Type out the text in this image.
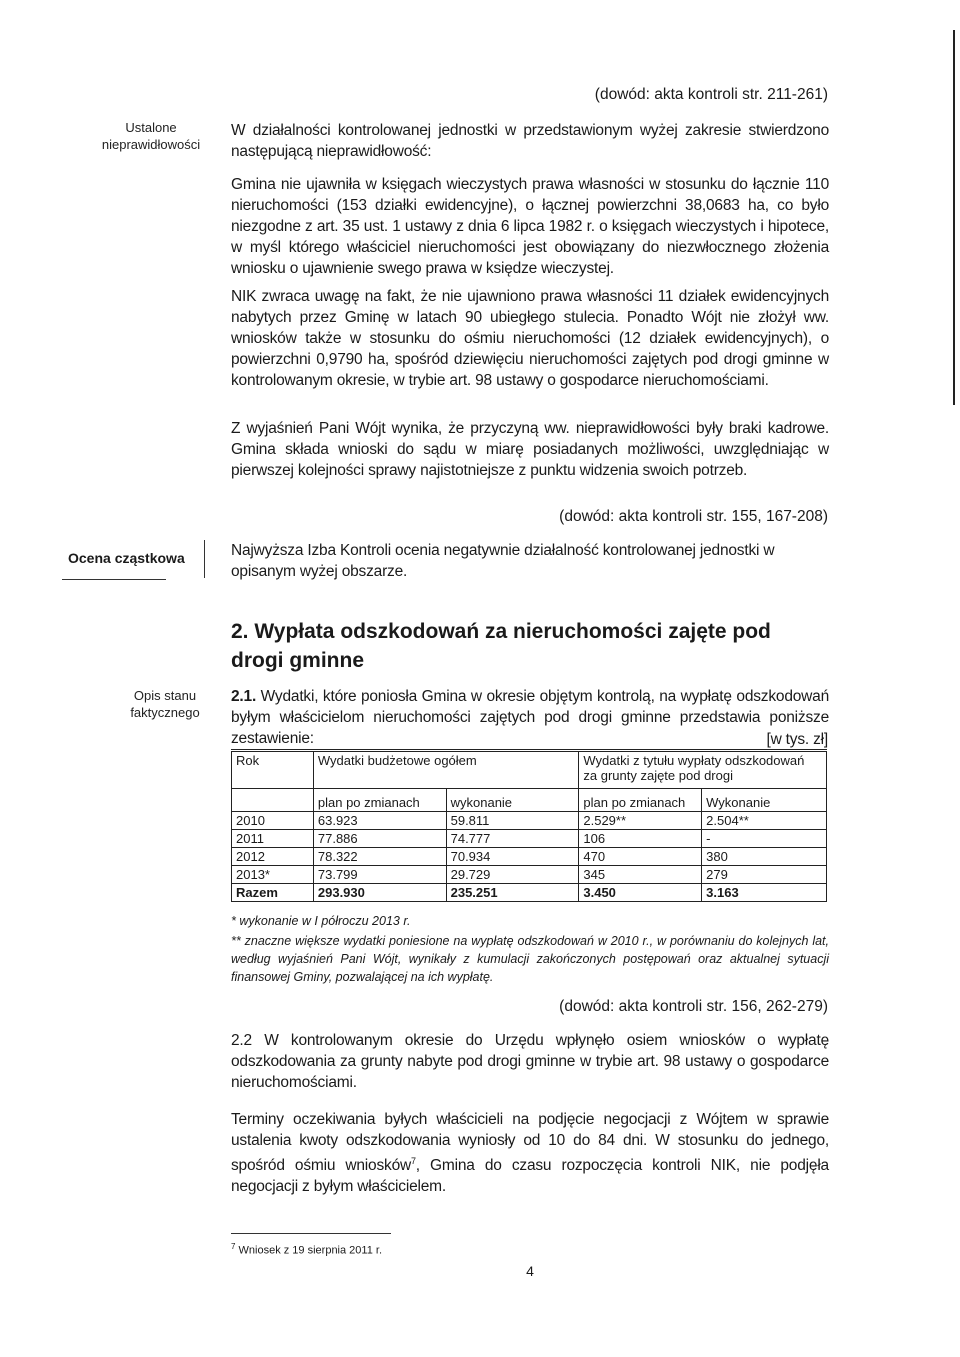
(dowód: akta kontroli str. 211-261)
Ustalone nieprawidłowości
W działalności kontrolowanej jednostki w przedstawionym wyżej zakresie stwierdzono następującą nieprawidłowość:
Gmina nie ujawniła w księgach wieczystych prawa własności w stosunku do łącznie 110 nieruchomości (153 działki ewidencyjne), o łącznej powierzchni 38,0683 ha, co było niezgodne z art. 35 ust. 1 ustawy z dnia 6 lipca 1982 r. o księgach wieczystych i hipotece, w myśl którego właściciel nieruchomości jest obowiązany do niezwłocznego złożenia wniosku o ujawnienie swego prawa w księdze wieczystej.
NIK zwraca uwagę na fakt, że nie ujawniono prawa własności 11 działek ewidencyjnych nabytych przez Gminę w latach 90 ubiegłego stulecia. Ponadto Wójt nie złożył ww. wniosków także w stosunku do ośmiu nieruchomości (12 działek ewidencyjnych), o powierzchni 0,9790 ha, spośród dziewięciu nieruchomości zajętych pod drogi gminne w kontrolowanym okresie, w trybie art. 98 ustawy o gospodarce nieruchomościami.
Z wyjaśnień Pani Wójt wynika, że przyczyną ww. nieprawidłowości były braki kadrowe. Gmina składa wnioski do sądu w miarę posiadanych możliwości, uwzględniając w pierwszej kolejności sprawy najistotniejsze z punktu widzenia swoich potrzeb.
(dowód: akta kontroli str. 155, 167-208)
Ocena cząstkowa	Najwyższa Izba Kontroli ocenia negatywnie działalność kontrolowanej jednostki w opisanym wyżej obszarze.
2. Wypłata odszkodowań za nieruchomości zajęte pod drogi gminne
Opis stanu faktycznego
2.1. Wydatki, które poniosła Gmina w okresie objętym kontrolą, na wypłatę odszkodowań byłym właścicielom nieruchomości zajętych pod drogi gminne przedstawia poniższe zestawienie:	[w tys. zł]
Rok	Wydatki budżetowe ogółem		Wydatki z tytułu wypłaty odszkodowań za grunty zajęte pod drogi	
	plan po zmianach	wykonanie	plan po zmianach	Wykonanie
2010	63.923	59.811	2.529**	2.504**
2011	77.886	74.777	106	-
2012	78.322	70.934	470	380
2013*	73.799	29.729	345	279
Razem	293.930	235.251	3.450	3.163
* wykonanie w I półroczu 2013 r.
** znaczne większe wydatki poniesione na wypłatę odszkodowań w 2010 r., w porównaniu do kolejnych lat, według wyjaśnień Pani Wójt, wynikały z kumulacji zakończonych postępowań oraz aktualnej sytuacji finansowej Gminy, pozwalającej na ich wypłatę.
(dowód: akta kontroli str. 156, 262-279)
2.2 W kontrolowanym okresie do Urzędu wpłynęło osiem wniosków o wypłatę odszkodowania za grunty nabyte pod drogi gminne w trybie art. 98 ustawy o gospodarce nieruchomościami.
Terminy oczekiwania byłych właścicieli na podjęcie negocjacji z Wójtem w sprawie ustalenia kwoty odszkodowania wyniosły od 10 do 84 dni. W stosunku do jednego, spośród ośmiu wniosków$^7$, Gmina do czasu rozpoczęcia kontroli NIK, nie podjęła negocjacji z byłym właścicielem.
$^7$ Wniosek z 19 sierpnia 2011 r.
4
